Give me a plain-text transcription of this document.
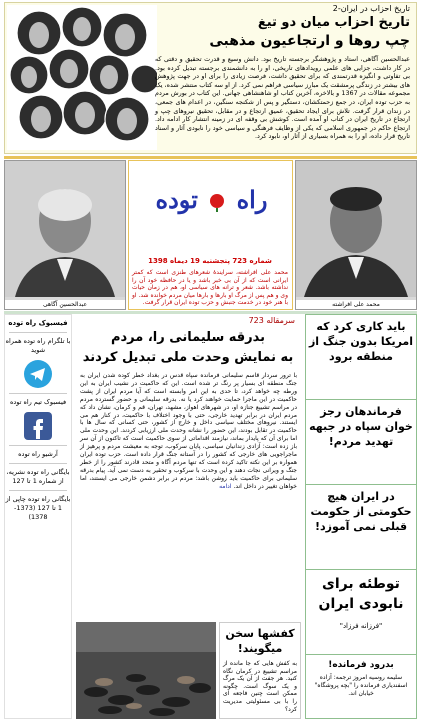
تاریخ احزاب در ایران-2
تاریخ احزاب میان دو تیغ
چپ روها و ارتجاعیون مذهبی
عبدالحسین آگاهی، استاد و پژوهشگر برجسته تاریخ بود. دانش وسیع و قدرت تحقیق و دقتی که در کار داشت، جزایی های علمی رویدادهای تاریخی، او را به دانشمندی برجسته تبدیل کرده بود. بی تفاوتی و انگیزه قدرتمندی که برای تحقیق داشت، فرصت زیادی را برای او در جهت پژوهش های بیشتر در زندگی پرمشقت یک مبارز سیاسی فراهم نمی کرد. از او سه کتاب منتشر شده، یک مجموعه مقالات در 1367 و بالاخره، آخرین کتاب او شاهنشاهی جهانی. این کتاب در بورش مردم به حزب توده ایران، در جمع زحمتکشان، دستگیر و پس از شکنجه سنگین، در اعدام های جمعی، در زندان قرار گرفت. تلاش برای ایجاد تحقیق، عمیق ارتجاع و در مقابل، تحقیق نیروهای چپ و ارتجاع در تاریخ ایران در کتاب او آمده است. کوشش بی وقفه ای در زمینه انتشار کار ادامه داد. ارتجاع حاکم در جمهوری اسلامی که یکی از وظایف فرهنگی و سیاسی خود را نابودی آثار و اسناد تاریخ قرار داده، او را به همراه بسیاری از آثار او، نابود کرد.
عبدالحسین آگاهی
راه  توده
شماره 723 پنجشنبه 19 دیماه 1398
محمد علی افراشته، سرایندۀ شعرهای طنزی است که کمتر ایرانی است که از آن بی خبر باشد و یا در حافظه خود آن را نداشته باشد. شعر و ترانه های سیاسی او، هم در زمان حیات وی و هم پس از مرگ او بارها و بارها میان مردم خوانده شد. او با هنر خود در خدمت جنبش و حزب توده ایران قرار گرفت.	محمد علی افراشته
باید کاری کرد که امریکا بدون جنگ از منطقه برود
فرماندهان رجز خوان سپاه در جبهه تهدید مردم!
در ایران هیچ حکومتی از حکومت قبلی نمی آموزد!
توطئه برای نابودی ایران
"فرزانه فرزاد"
بدرود فرمانده!
سلیمه روسیه امروز ترجمه: آزاده اسفندیاری فرمانده را "بچه پروشگاه" خیابان اند.
سرمقاله 723
بدرقه سلیمانی را، مردم
به نمایش وحدت ملی تبدیل کردند
با ترور سردار قاسم سلیمانی فرمانده سپاه قدس در بغداد خطر کوده شدن ایران به جنگ منطقه ای بسیار پر رنگ تر شده است. این که حاکمیت در نشیب ایران به این ورطه چه خواهد کرد، تا حدی به این امر وابسته است که آیا مردم ایران از پشت حاکمیت در این ماجرا حمایت خواهند کرد یا نه. بدرقه سلیمانی و حضور گسترده مردم در مراسم تشییع جنازه او، در شهرهای اهواز، مشهد، تهران، قم و کرمان، نشان داد که مردم ایران در برابر تهدید خارجی، حتی با وجود اختلاف با حاکمیت، در کنار هم می ایستند. نیروهای مختلف سیاسی داخل و خارج از کشور، حتی کسانی که سال ها با حاکمیت در تقابل بودند، این حضور را نشانه وحدت ملی ارزیابی کردند. این وحدت ملی اما برای آن که پایدار بماند، نیازمند اقداماتی از سوی حاکمیت است که تاکنون از آن سر باز زده است: آزادی زندانیان سیاسی، پایان سرکوب، توجه به معیشت مردم و پرهیز از ماجراجویی های خارجی که کشور را در آستانه جنگ قرار داده است. حزب توده ایران همواره بر این نکته تاکید کرده است که تنها مردم آگاه و متحد قادرند کشور را از خطر جنگ و ویرانی نجات دهند و این وحدت با سرکوب و تحقیر به دست نمی آید. پیام بدرقه سلیمانی برای حاکمیت باید روشن باشد: مردم در برابر دشمن خارجی می ایستند، اما خواهان تغییر در داخل اند. ادامه
کفشها سخن میگویند!
به کفش هایی که جا مانده از مراسم تشییع در کرمان نگاه کنید. هر جفت از آن یک مرگ و یک سوگ است. چگونه ممکن است چنین فاجعه ای را با بی مسئولیتی مدیریت کرد؟
فیسبوک راه توده
با تلگرام راه توده همراه شوید
فیسبوک تیم راه توده
آرشیو راه توده
بایگانی راه توده نشریه، از شماره 1 تا 127
بایگانی راه توده چاپی از 1 تا 127 (1373-1378)
